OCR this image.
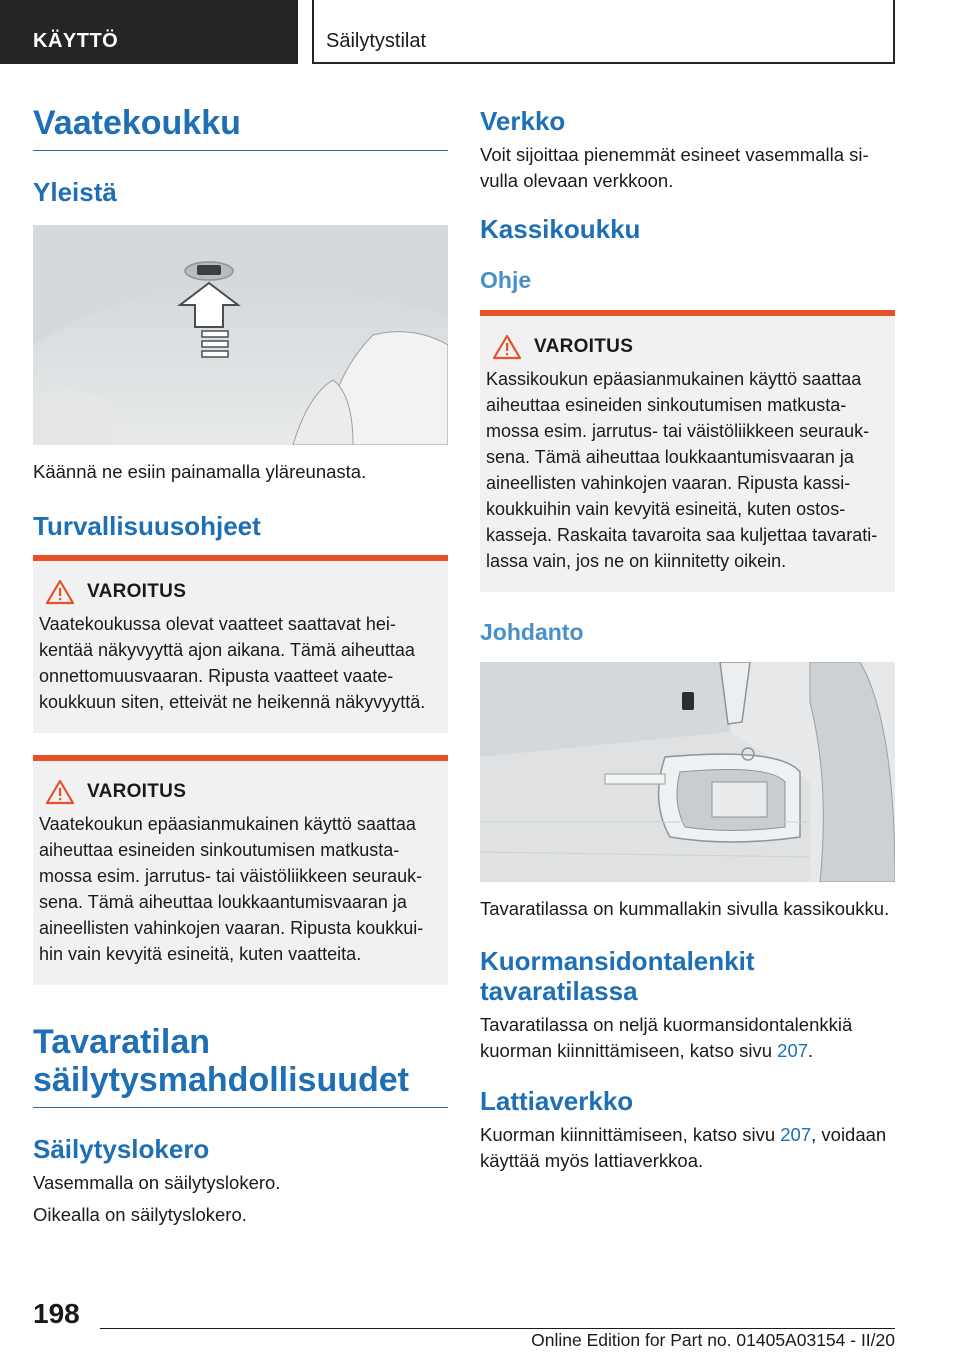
KÄYTTÖ	Säilytystilat
Vaatekoukku
Yleistä

Käännä ne esiin painamalla yläreunasta.

Turvallisuusohjeet
VAROITUS

Vaatekoukussa olevat vaatteet saattavat heikentää näkyvyyttä ajon aikana. Tämä aiheuttaa onnettomuusvaaran. Ripusta vaatteet vaatekoukkuun siten, etteivät ne heikennä näkyvyyttä.

VAROITUS

Vaatekoukun epäasianmukainen käyttö saattaa aiheuttaa esineiden sinkoutumisen matkustamossa esim. jarrutus- tai väistöliikkeen seurauksena. Tämä aiheuttaa loukkaantumisvaaran ja aineellisten vahinkojen vaaran. Ripusta koukkuihin vain kevyitä esineitä, kuten vaatteita.

Tavaratilan säilytysmahdollisuudet
Säilytyslokero

Vasemmalla on säilytyslokero.

Oikealla on säilytyslokero.

Verkko

Voit sijoittaa pienemmät esineet vasemmalla sivulla olevaan verkkoon.

Kassikoukku
Ohje
VAROITUS

Kassikoukun epäasianmukainen käyttö saattaa aiheuttaa esineiden sinkoutumisen matkustamossa esim. jarrutus- tai väistöliikkeen seurauksena. Tämä aiheuttaa loukkaantumisvaaran ja aineellisten vahinkojen vaaran. Ripusta kassikoukkuihin vain kevyitä esineitä, kuten ostoskasseja. Raskaita tavaroita saa kuljettaa tavaratilassa vain, jos ne on kiinnitetty oikein.

Johdanto

Tavaratilassa on kummallakin sivulla kassikoukku.

Kuormansidontalenkit tavaratilassa

Tavaratilassa on neljä kuormansidontalenkkiä kuorman kiinnittämiseen, katso sivu 207.

Lattiaverkko

Kuorman kiinnittämiseen, katso sivu 207, voidaan käyttää myös lattiaverkkoa.

198
Online Edition for Part no. 01405A03154 - II/20
